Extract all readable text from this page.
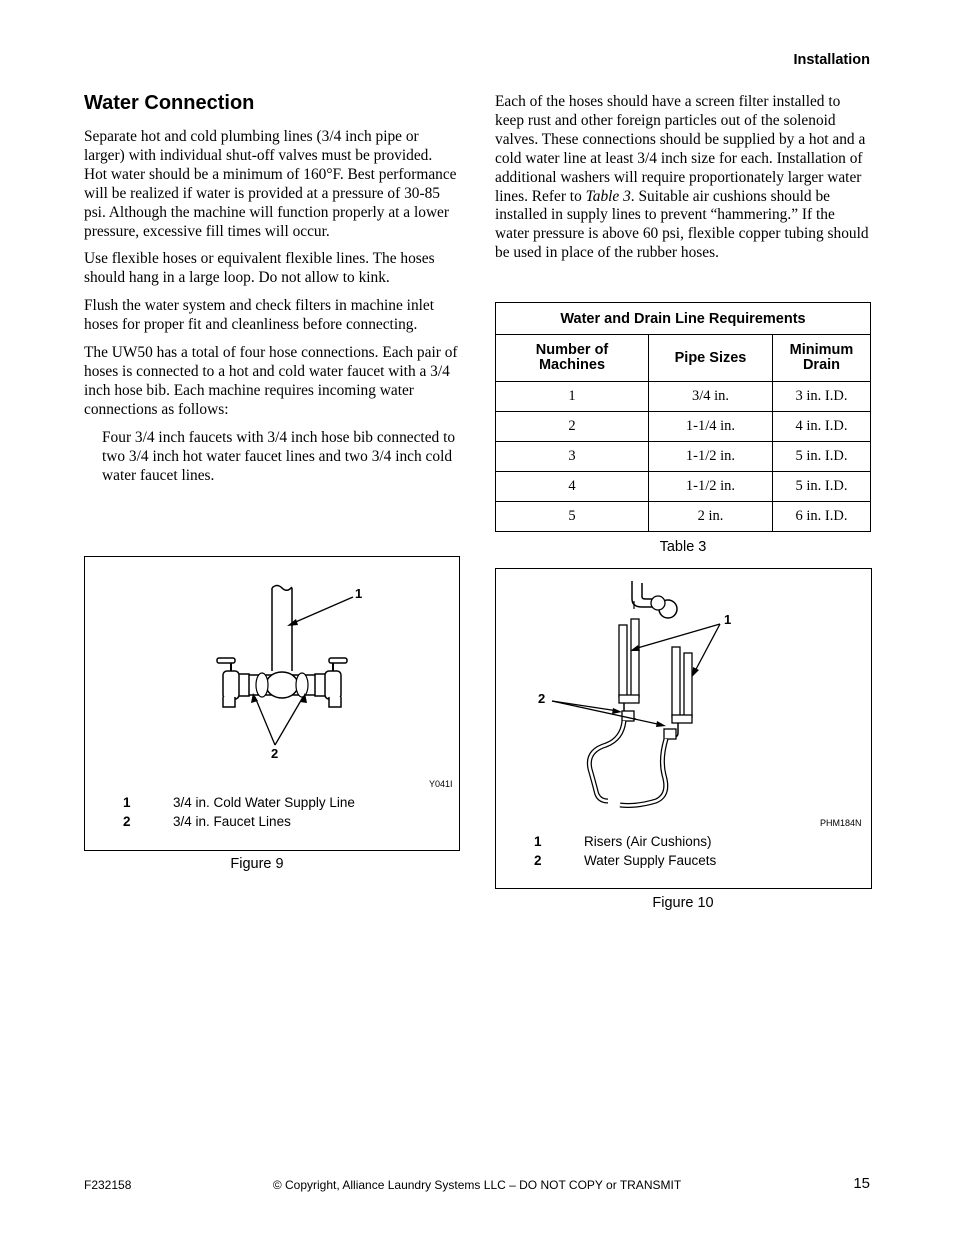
Installation
Water Connection

Separate hot and cold plumbing lines (3/4 inch pipe or larger) with individual shut-off valves must be provided. Hot water should be a minimum of 160°F. Best performance will be realized if water is provided at a pressure of 30-85 psi. Although the machine will function properly at a lower pressure, excessive fill times will occur.

Use flexible hoses or equivalent flexible lines. The hoses should hang in a large loop. Do not allow to kink.

Flush the water system and check filters in machine inlet hoses for proper fit and cleanliness before connecting.

The UW50 has a total of four hose connections. Each pair of hoses is connected to a hot and cold water faucet with a 3/4 inch hose bib. Each machine requires incoming water connections as follows:

Four 3/4 inch faucets with 3/4 inch hose bib connected to two 3/4 inch hot water faucet lines and two 3/4 inch cold water faucet lines.

Each of the hoses should have a screen filter installed to keep rust and other foreign particles out of the solenoid valves. These connections should be supplied by a hot and a cold water line at least 3/4 inch size for each. Installation of additional washers will require proportionately larger water lines. Refer to Table 3. Suitable air cushions should be installed in supply lines to prevent “hammering.” If the water pressure is above 60 psi, flexible copper tubing should be used in place of the rubber hoses.

Water and Drain Line Requirements		
Number of Machines	Pipe Sizes	Minimum Drain
1	3/4 in.	3 in. I.D.
2	1-1/4 in.	4 in. I.D.
3	1-1/2 in.	5 in. I.D.
4	1-1/2 in.	5 in. I.D.
5	2 in.	6 in. I.D.
Table 3
1
2
Y041I
1	3/4 in. Cold Water Supply Line
2	3/4 in. Faucet Lines
Figure 9
1
2
PHM184N
1	Risers (Air Cushions)
2	Water Supply Faucets
Figure 10
F232158	© Copyright, Alliance Laundry Systems LLC – DO NOT COPY or TRANSMIT	15
